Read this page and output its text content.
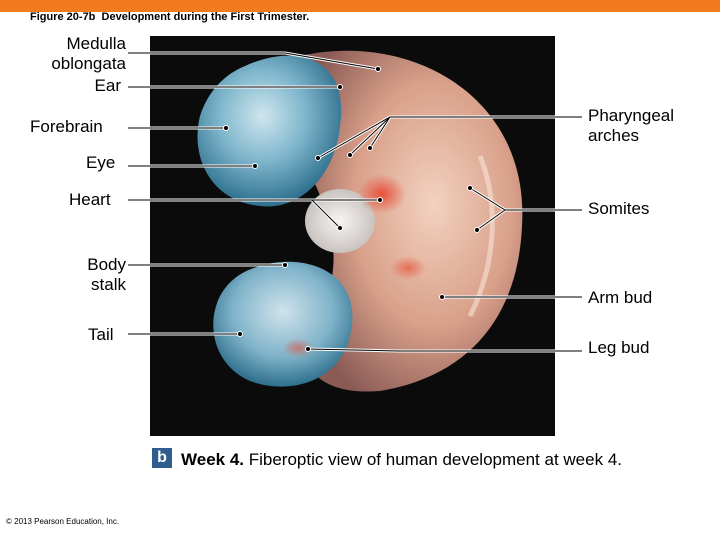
Figure 20-7b  Development during the First Trimester.
Medulla
oblongata
Ear
Forebrain
Eye
Heart
Body
stalk
Tail
Pharyngeal
arches
Somites
Arm bud
Leg bud
b Week 4. Fiberoptic view of human development at week 4.
© 2013 Pearson Education, Inc.
